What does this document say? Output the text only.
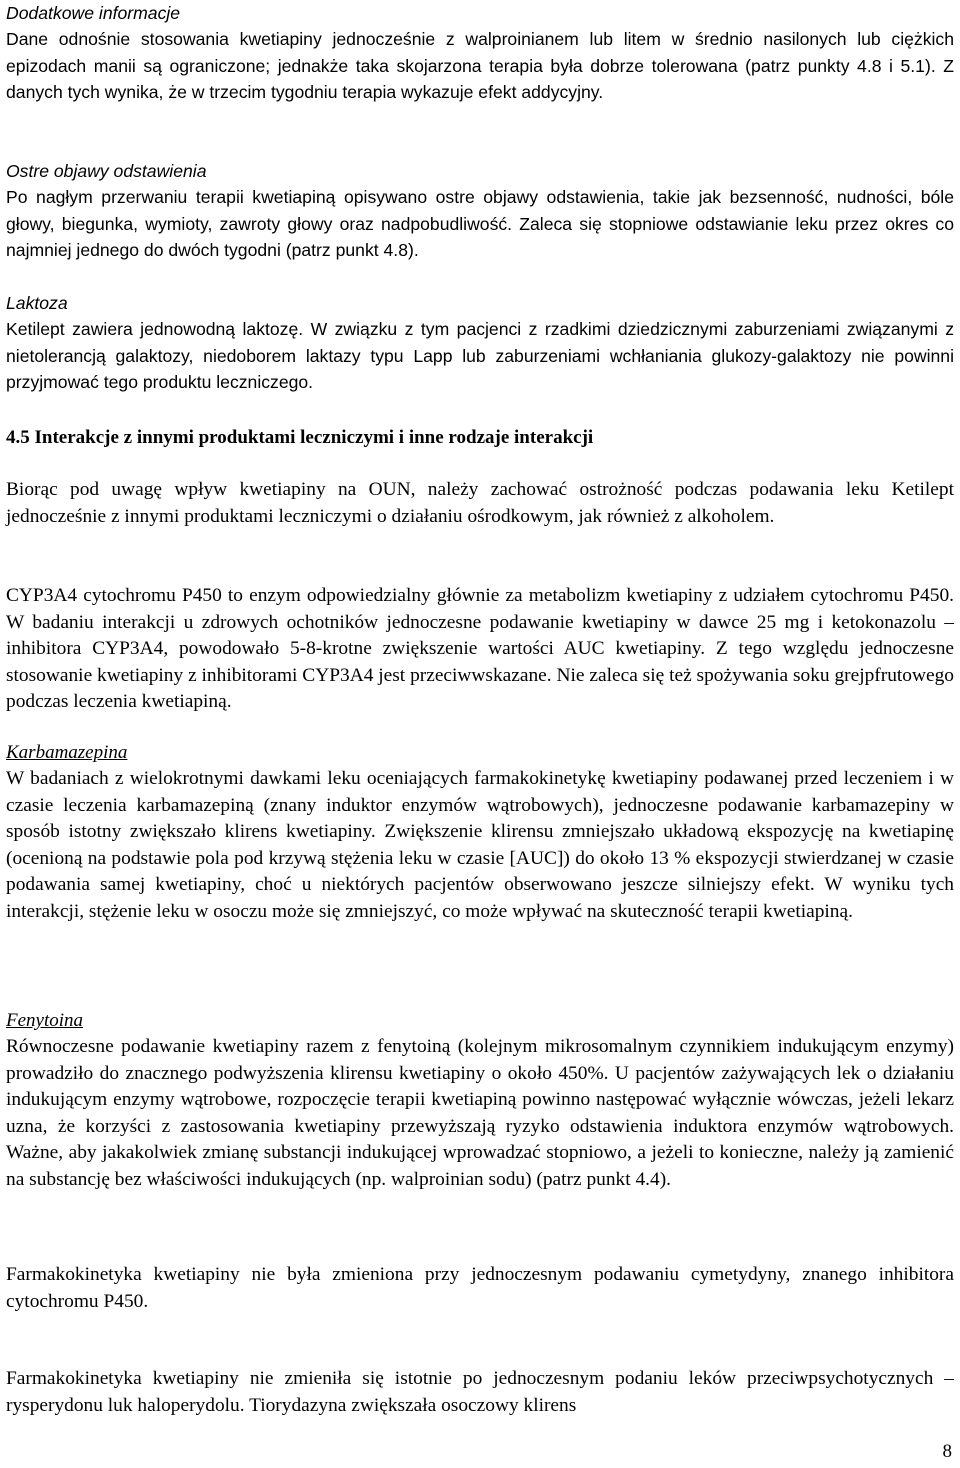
Dodatkowe informacje

Dane odnośnie stosowania kwetiapiny jednocześnie z walproinianem lub litem w średnio nasilonych lub ciężkich epizodach manii są ograniczone; jednakże taka skojarzona terapia była dobrze tolerowana (patrz punkty 4.8 i 5.1). Z danych tych wynika, że w trzecim tygodniu terapia wykazuje efekt addycyjny.

Ostre objawy odstawienia

Po nagłym przerwaniu terapii kwetiapiną opisywano ostre objawy odstawienia, takie jak bezsenność, nudności, bóle głowy, biegunka, wymioty, zawroty głowy oraz nadpobudliwość. Zaleca się stopniowe odstawianie leku przez okres co najmniej jednego do dwóch tygodni (patrz punkt 4.8).

Laktoza

Ketilept zawiera jednowodną laktozę. W związku z tym pacjenci z rzadkimi dziedzicznymi zaburzeniami związanymi z nietolerancją galaktozy, niedoborem laktazy typu Lapp lub zaburzeniami wchłaniania glukozy-galaktozy nie powinni przyjmować tego produktu leczniczego.

4.5 Interakcje z innymi produktami leczniczymi i inne rodzaje interakcji

Biorąc pod uwagę wpływ kwetiapiny na OUN, należy zachować ostrożność podczas podawania leku Ketilept jednocześnie z innymi produktami leczniczymi o działaniu ośrodkowym, jak również z alkoholem.

CYP3A4 cytochromu P450 to enzym odpowiedzialny głównie za metabolizm kwetiapiny z udziałem cytochromu P450. W badaniu interakcji u zdrowych ochotników jednoczesne podawanie kwetiapiny w dawce 25 mg i ketokonazolu – inhibitora CYP3A4, powodowało 5-8-krotne zwiększenie wartości AUC kwetiapiny. Z tego względu jednoczesne stosowanie kwetiapiny z inhibitorami CYP3A4 jest przeciwwskazane. Nie zaleca się też spożywania soku grejpfrutowego podczas leczenia kwetiapiną.

Karbamazepina

W badaniach z wielokrotnymi dawkami leku oceniających farmakokinetykę kwetiapiny podawanej przed leczeniem i w czasie leczenia karbamazepiną (znany induktor enzymów wątrobowych), jednoczesne podawanie karbamazepiny w sposób istotny zwiększało klirens kwetiapiny. Zwiększenie klirensu zmniejszało układową ekspozycję na kwetiapinę (ocenioną na podstawie pola pod krzywą stężenia leku w czasie [AUC]) do około 13 % ekspozycji stwierdzanej w czasie podawania samej kwetiapiny, choć u niektórych pacjentów obserwowano jeszcze silniejszy efekt. W wyniku tych interakcji, stężenie leku w osoczu może się zmniejszyć, co może wpływać na skuteczność terapii kwetiapiną.

Fenytoina

Równoczesne podawanie kwetiapiny razem z fenytoiną (kolejnym mikrosomalnym czynnikiem indukującym enzymy) prowadziło do znacznego podwyższenia klirensu kwetiapiny o około 450%. U pacjentów zażywających lek o działaniu indukującym enzymy wątrobowe, rozpoczęcie terapii kwetiapiną powinno następować wyłącznie wówczas, jeżeli lekarz uzna, że korzyści z zastosowania kwetiapiny przewyższają ryzyko odstawienia induktora enzymów wątrobowych. Ważne, aby jakakolwiek zmianę substancji indukującej wprowadzać stopniowo, a jeżeli to konieczne, należy ją zamienić na substancję bez właściwości indukujących (np. walproinian sodu) (patrz punkt 4.4).

Farmakokinetyka kwetiapiny nie była zmieniona przy jednoczesnym podawaniu cymetydyny, znanego inhibitora cytochromu P450.

Farmakokinetyka kwetiapiny nie zmieniła się istotnie po jednoczesnym podaniu leków przeciwpsychotycznych – rysperydonu luk haloperydolu. Tiorydazyna zwiększała osoczowy klirens

8
